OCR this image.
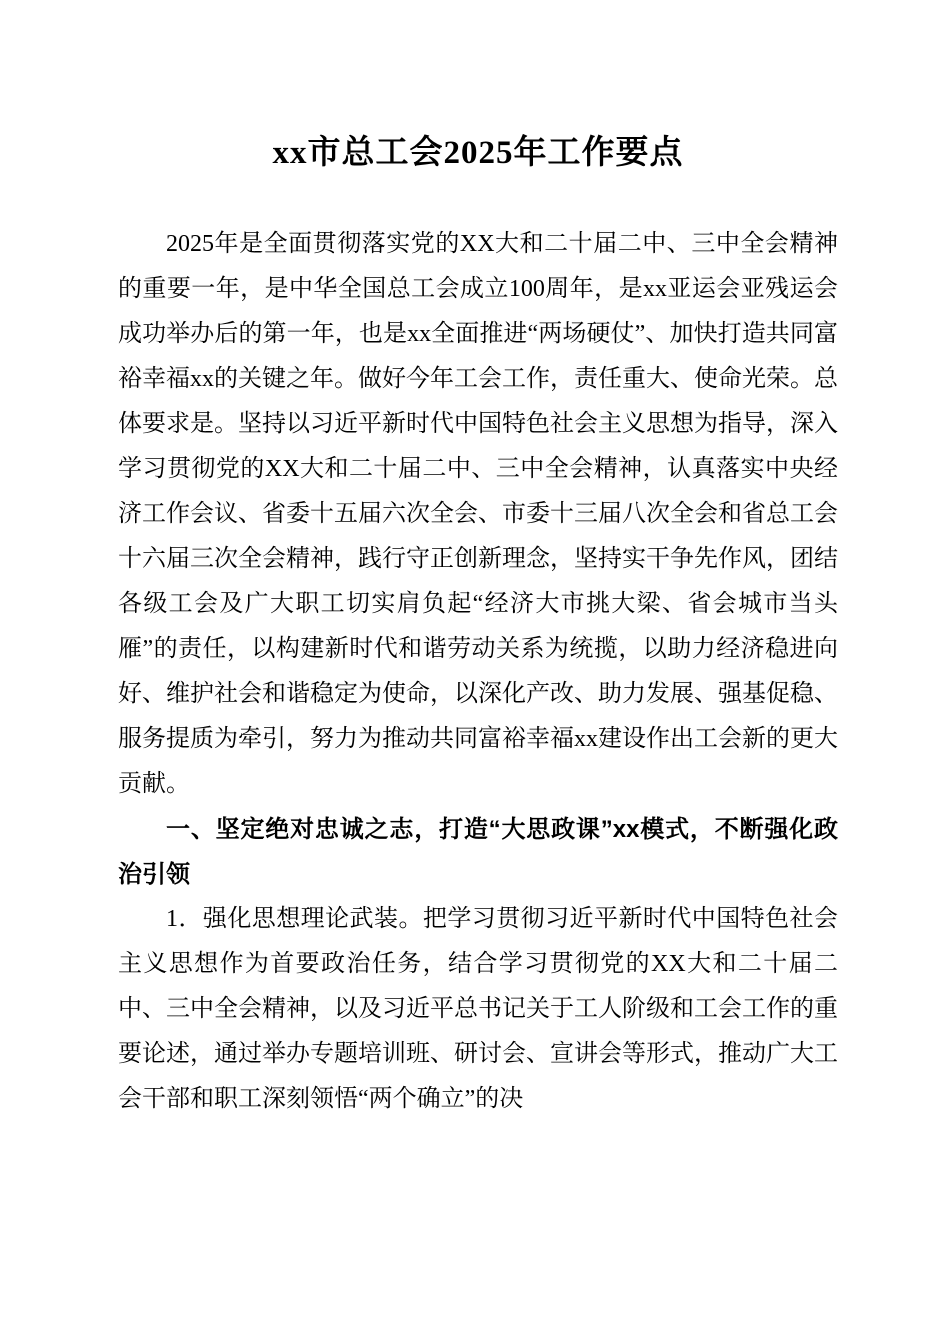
xx市总工会2025年工作要点

2025年是全面贯彻落实党的XX大和二十届二中、三中全会精神的重要一年，是中华全国总工会成立100周年，是xx亚运会亚残运会成功举办后的第一年，也是xx全面推进“两场硬仗”、加快打造共同富裕幸福xx的关键之年。做好今年工会工作，责任重大、使命光荣。总体要求是。坚持以习近平新时代中国特色社会主义思想为指导，深入学习贯彻党的XX大和二十届二中、三中全会精神，认真落实中央经济工作会议、省委十五届六次全会、市委十三届八次全会和省总工会十六届三次全会精神，践行守正创新理念，坚持实干争先作风，团结各级工会及广大职工切实肩负起“经济大市挑大梁、省会城市当头雁”的责任，以构建新时代和谐劳动关系为统揽，以助力经济稳进向好、维护社会和谐稳定为使命，以深化产改、助力发展、强基促稳、服务提质为牵引，努力为推动共同富裕幸福xx建设作出工会新的更大贡献。

一、坚定绝对忠诚之志，打造“大思政课”xx模式，不断强化政治引领

1．强化思想理论武装。把学习贯彻习近平新时代中国特色社会主义思想作为首要政治任务，结合学习贯彻党的XX大和二十届二中、三中全会精神，以及习近平总书记关于工人阶级和工会工作的重要论述，通过举办专题培训班、研讨会、宣讲会等形式，推动广大工会干部和职工深刻领悟“两个确立”的决
